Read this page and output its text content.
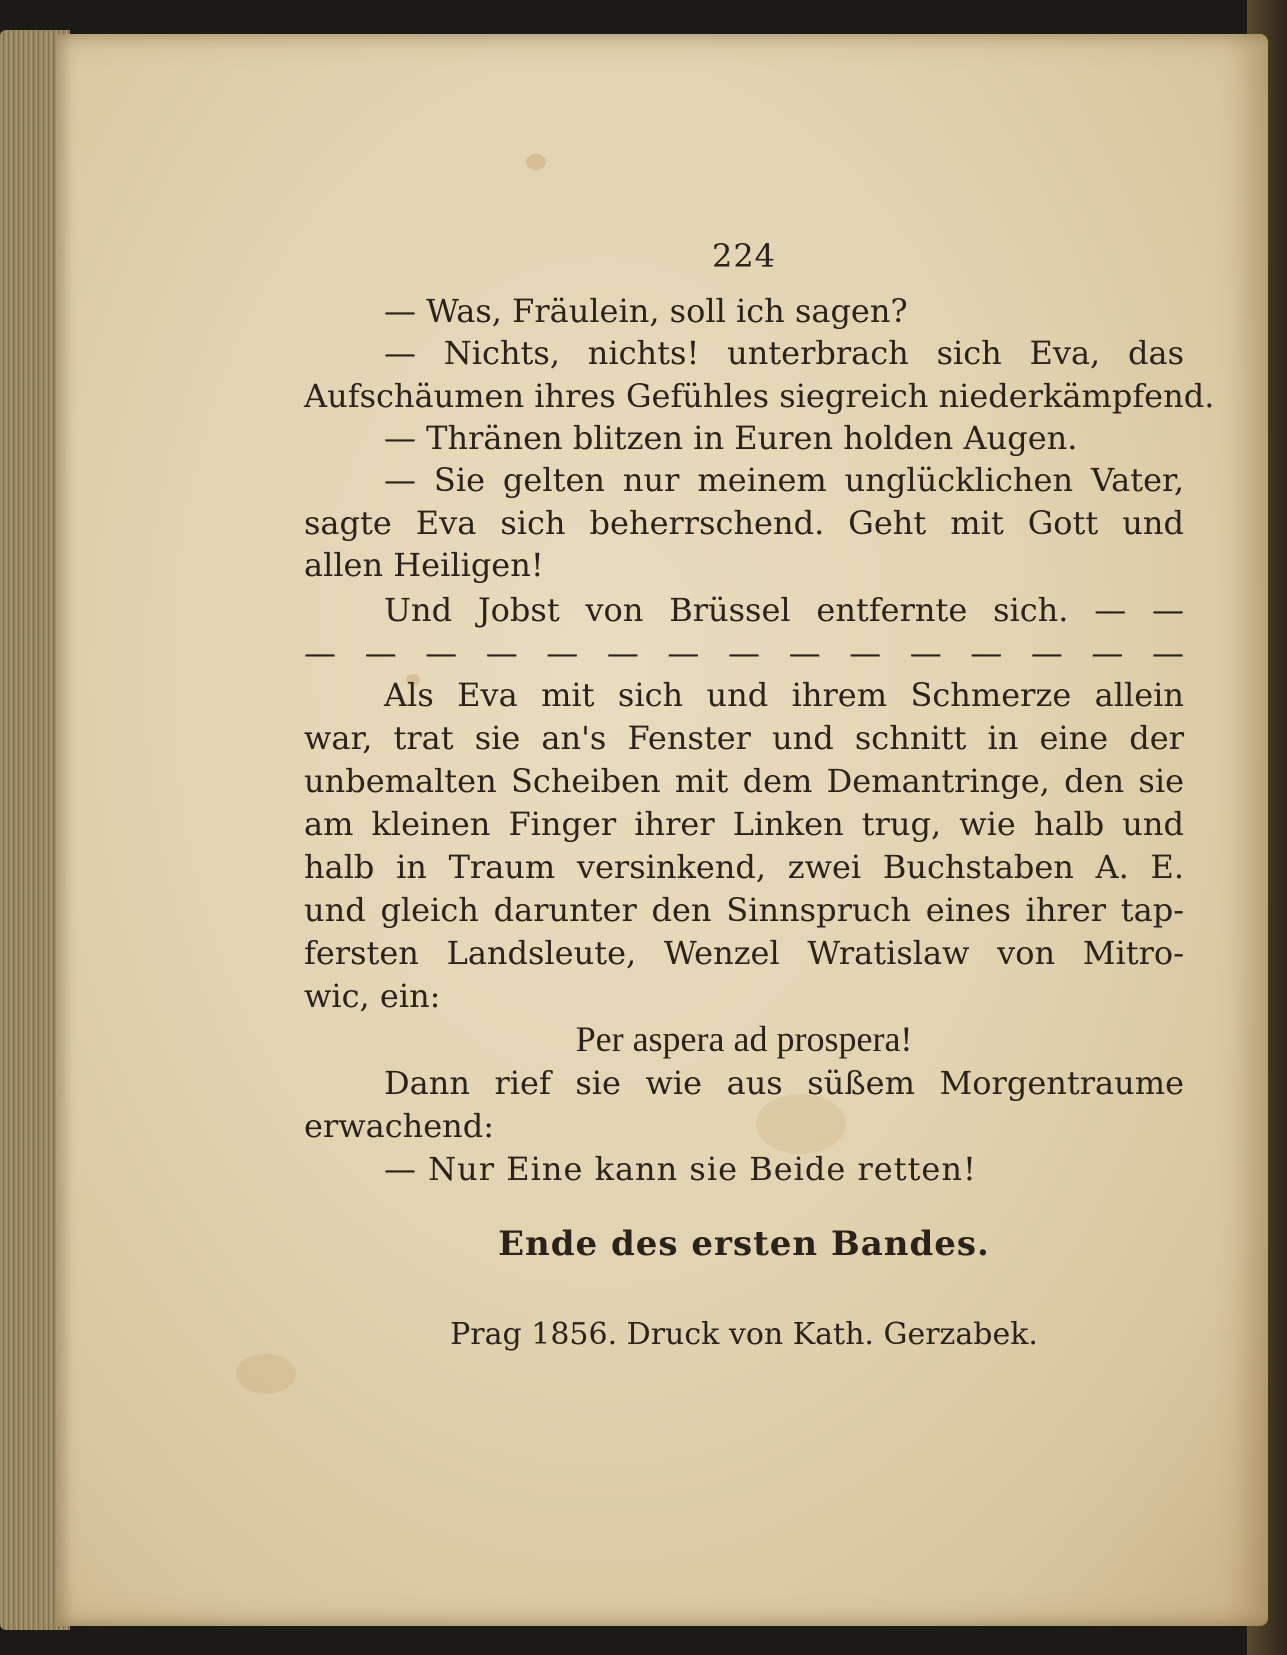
224
— Was, Fräulein, soll ich sagen?
— Nichts, nichts! unterbrach sich Eva, das
Aufschäumen ihres Gefühles siegreich niederkämpfend.
— Thränen blitzen in Euren holden Augen.
— Sie gelten nur meinem unglücklichen Vater,
sagte Eva sich beherrschend. Geht mit Gott und
allen Heiligen!
Und Jobst von Brüssel entfernte sich. — —
— — — — — — — — — — — — — — —
Als Eva mit sich und ihrem Schmerze allein
war, trat sie an's Fenster und schnitt in eine der
unbemalten Scheiben mit dem Demantringe, den sie
am kleinen Finger ihrer Linken trug, wie halb und
halb in Traum versinkend, zwei Buchstaben A. E.
und gleich darunter den Sinnspruch eines ihrer tap-
fersten Landsleute, Wenzel Wratislaw von Mitro-
wic, ein:
Per aspera ad prospera!
Dann rief sie wie aus süßem Morgentraume
erwachend:
— Nur Eine kann sie Beide retten!
Ende des ersten Bandes.
Prag 1856. Druck von Kath. Gerzabek.
